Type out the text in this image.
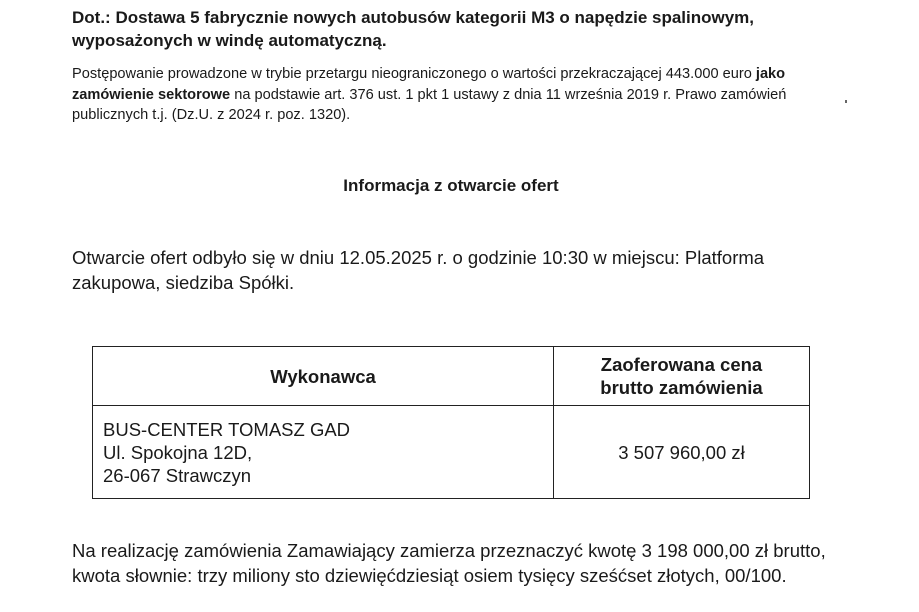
Dot.: Dostawa 5 fabrycznie nowych autobusów kategorii M3 o napędzie spalinowym, wyposażonych w windę automatyczną.

Postępowanie prowadzone w trybie przetargu nieograniczonego o wartości przekraczającej 443.000 euro jako zamówienie sektorowe na podstawie art. 376 ust. 1 pkt 1 ustawy z dnia 11 września 2019 r. Prawo zamówień publicznych t.j. (Dz.U. z 2024 r. poz. 1320).

Informacja z otwarcie ofert

Otwarcie ofert odbyło się w dniu 12.05.2025 r. o godzinie 10:30 w miejscu: Platforma zakupowa, siedziba Spółki.

Wykonawca	Zaoferowana cena
brutto zamówienia

BUS-CENTER TOMASZ GAD
Ul. Spokojna 12D,
26-067 Strawczyn	3 507 960,00 zł

Na realizację zamówienia Zamawiający zamierza przeznaczyć kwotę 3 198 000,00 zł brutto, kwota słownie: trzy miliony sto dziewięćdziesiąt osiem tysięcy sześćset złotych, 00/100.
